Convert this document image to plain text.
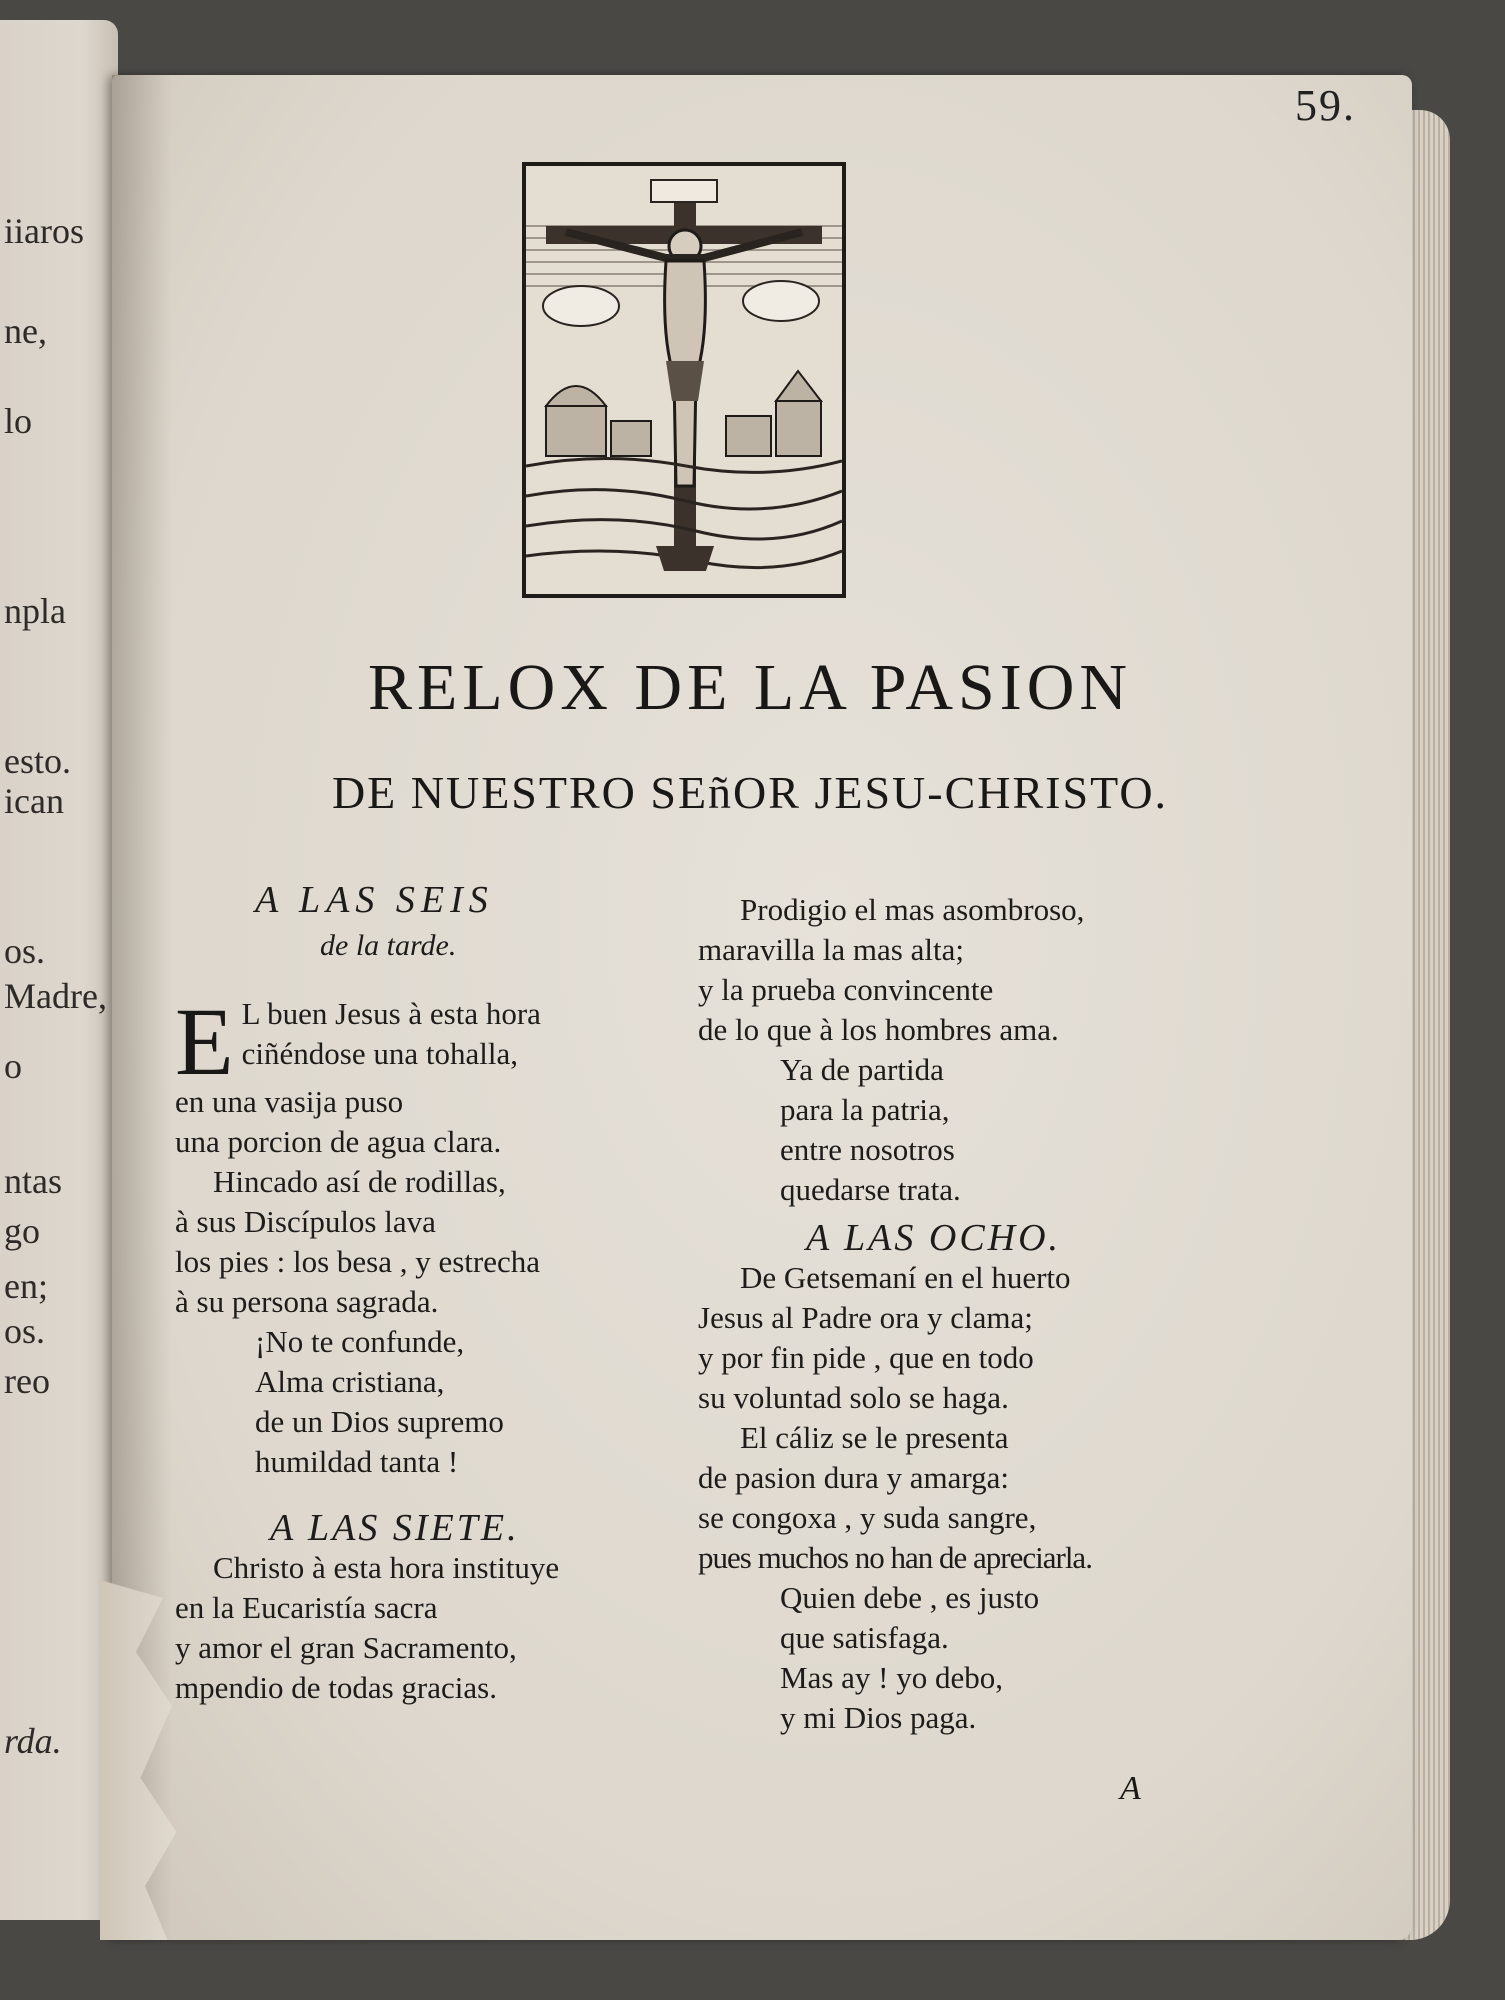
iiaros
ne,
lo
npla
esto.
ican
os.
Madre,
o
ntas
go
en;
os.
reo
rda.
59.
RELOX DE LA PASION
DE NUESTRO SEñOR JESU-CHRISTO.
A LAS SEIS
de la tarde.
E L buen Jesus à esta hora
ciñéndose una tohalla,
en una vasija puso
una porcion de agua clara.
Hincado así de rodillas,
à sus Discípulos lava
los pies : los besa , y estrecha
à su persona sagrada.
¡No te confunde,
Alma cristiana,
de un Dios supremo
humildad tanta !
A LAS SIETE.
Christo à esta hora instituye
en la Eucaristía sacra
y amor el gran Sacramento,
mpendio de todas gracias.
Prodigio el mas asombroso,
maravilla la mas alta;
y la prueba convincente
de lo que à los hombres ama.
Ya de partida
para la patria,
entre nosotros
quedarse trata.
A LAS OCHO.
De Getsemaní en el huerto
Jesus al Padre ora y clama;
y por fin pide , que en todo
su voluntad solo se haga.
El cáliz se le presenta
de pasion dura y amarga:
se congoxa , y suda sangre,
pues muchos no han de apreciarla.
Quien debe , es justo
que satisfaga.
Mas ay ! yo debo,
y mi Dios paga.
A
